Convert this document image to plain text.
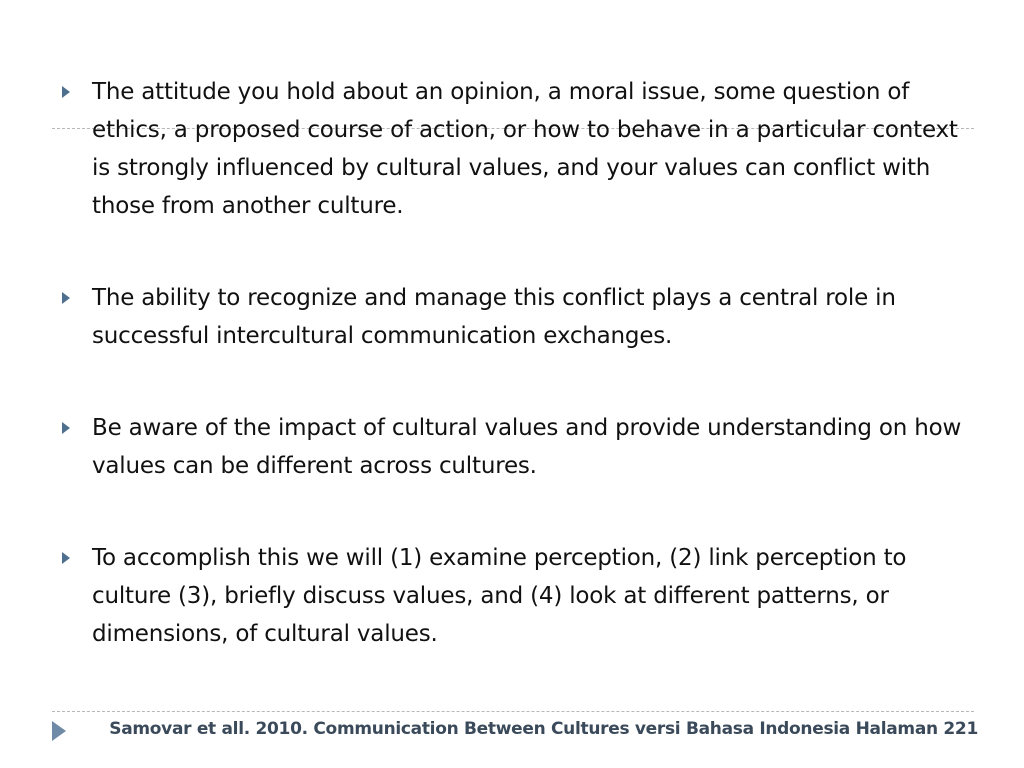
The attitude you hold about an opinion, a moral issue, some question of ethics, a proposed course of action, or how to behave in a particular context is strongly influenced by cultural values, and your values can conflict with those from another culture.
The ability to recognize and manage this conflict plays a central role in successful intercultural communication exchanges.
Be aware of the impact of cultural values and provide understanding on how values can be different across cultures.
To accomplish this we will (1) examine perception, (2) link perception to culture (3), briefly discuss values, and (4) look at different patterns, or dimensions, of cultural values.
Samovar et all. 2010. Communication Between Cultures versi Bahasa Indonesia Halaman 221
